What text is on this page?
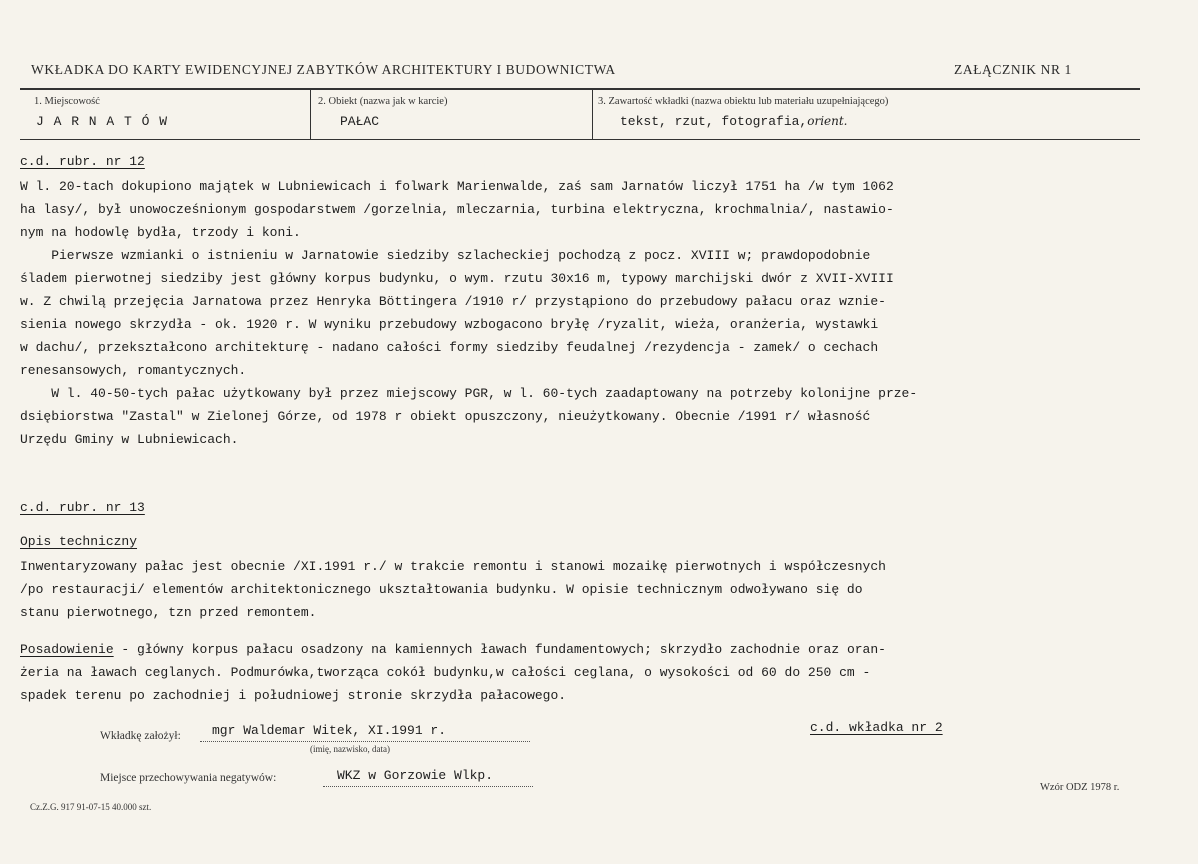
WKŁADKA DO KARTY EWIDENCYJNEJ ZABYTKÓW ARCHITEKTURY I BUDOWNICTWA	ZAŁĄCZNIK NR 1
1. Miejscowość
J A R N A T Ó W
2. Obiekt (nazwa jak w karcie)
PAŁAC
3. Zawartość wkładki (nazwa obiektu lub materiału uzupełniającego)
tekst, rzut, fotografia,orient.
c.d. rubr. nr 12
W l. 20-tach dokupiono majątek w Lubniewicach i folwark Marienwalde, zaś sam Jarnatów liczył 1751 ha /w tym 1062
ha lasy/, był unowocześnionym gospodarstwem /gorzelnia, mleczarnia, turbina elektryczna, krochmalnia/, nastawio-
nym na hodowlę bydła, trzody i koni.
Pierwsze wzmianki o istnieniu w Jarnatowie siedziby szlacheckiej pochodzą z pocz. XVIII w; prawdopodobnie
śladem pierwotnej siedziby jest główny korpus budynku, o wym. rzutu 30x16 m, typowy marchijski dwór z XVII-XVIII
w. Z chwilą przejęcia Jarnatowa przez Henryka Böttingera /1910 r/ przystąpiono do przebudowy pałacu oraz wznie-
sienia nowego skrzydła - ok. 1920 r. W wyniku przebudowy wzbogacono bryłę /ryzalit, wieża, oranżeria, wystawki
w dachu/, przekształcono architekturę - nadano całości formy siedziby feudalnej /rezydencja - zamek/ o cechach
renesansowych, romantycznych.
W l. 40-50-tych pałac użytkowany był przez miejscowy PGR, w l. 60-tych zaadaptowany na potrzeby kolonijne prze-
dsiębiorstwa "Zastal" w Zielonej Górze, od 1978 r obiekt opuszczony, nieużytkowany. Obecnie /1991 r/ własność
Urzędu Gminy w Lubniewicach.
c.d. rubr. nr 13
Opis techniczny
Inwentaryzowany pałac jest obecnie /XI.1991 r./ w trakcie remontu i stanowi mozaikę pierwotnych i współczesnych
/po restauracji/ elementów architektonicznego ukształtowania budynku. W opisie technicznym odwoływano się do
stanu pierwotnego, tzn przed remontem.
Posadowienie - główny korpus pałacu osadzony na kamiennych ławach fundamentowych; skrzydło zachodnie oraz oran-
żeria na ławach ceglanych. Podmurówka,tworząca cokół budynku,w całości ceglana, o wysokości od 60 do 250 cm -
spadek terenu po zachodniej i południowej stronie skrzydła pałacowego.
Wkładkę założył: mgr Waldemar Witek, XI.1991 r.
(imię, nazwisko, data)
c.d. wkładka nr 2
Miejsce przechowywania negatywów:	WKZ w Gorzowie Wlkp.
Cz.Z.G. 917 91-07-15 40.000 szt.
Wzór ODZ 1978 r.
